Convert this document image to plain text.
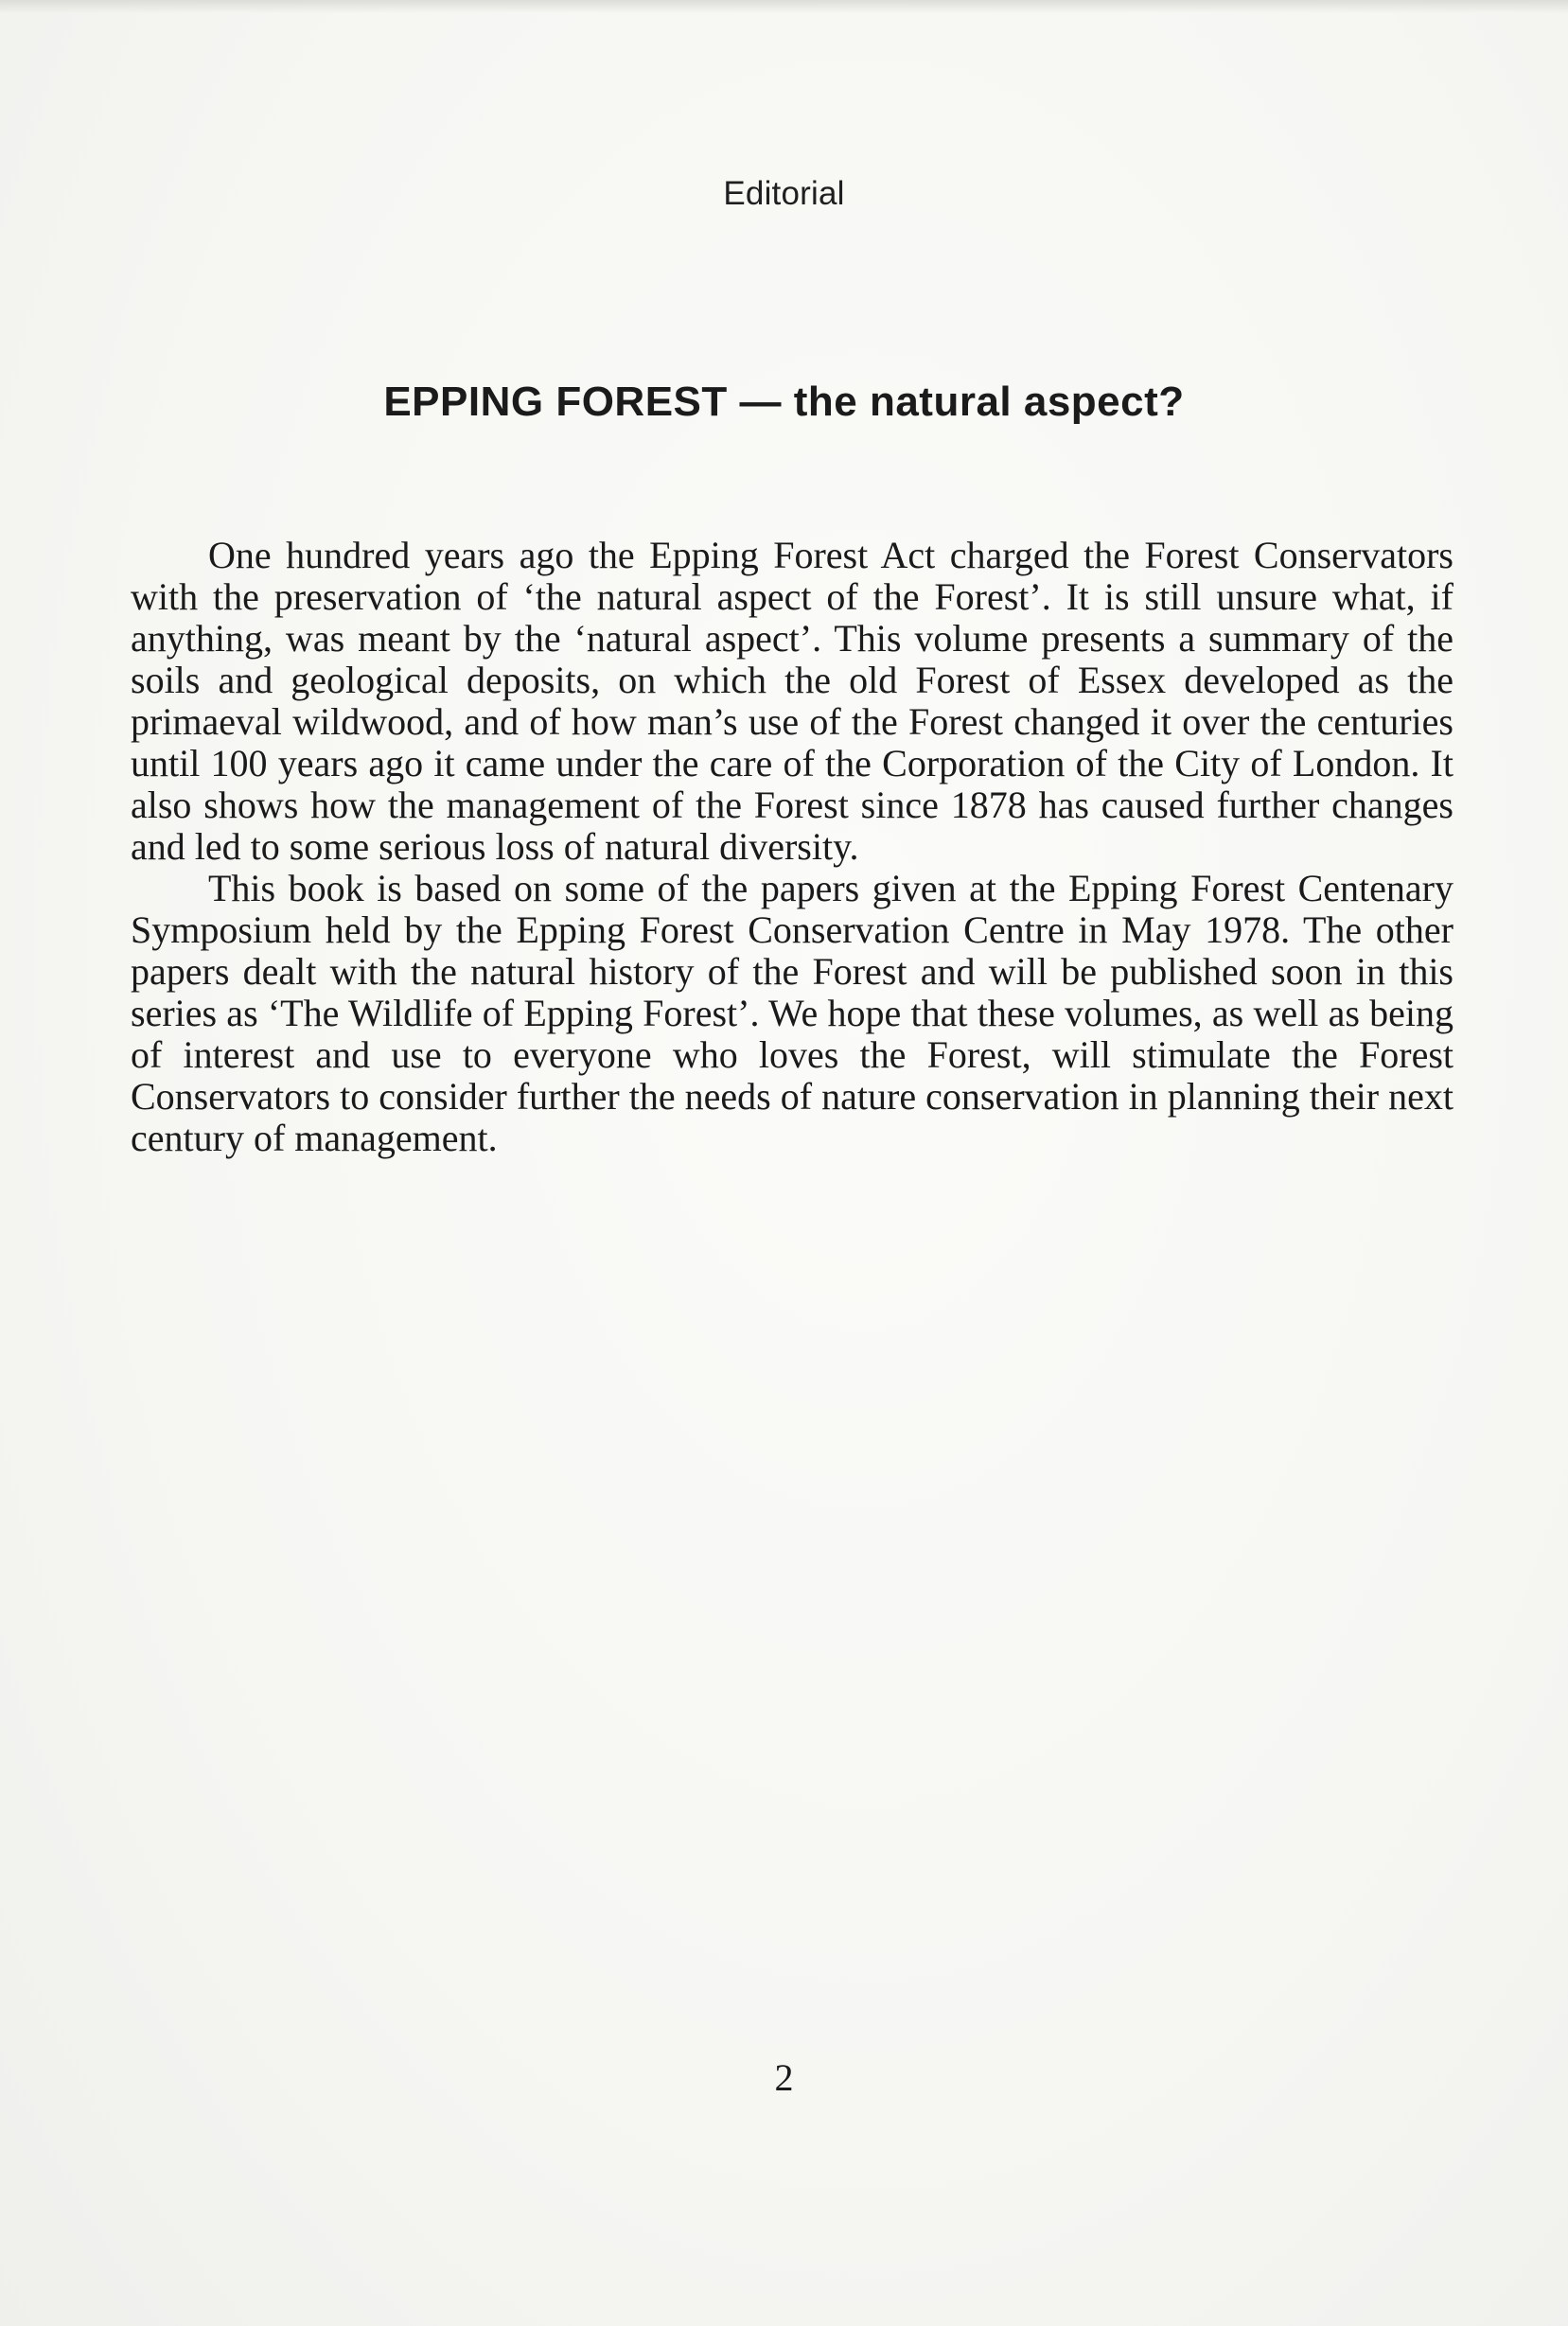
Editorial
EPPING FOREST — the natural aspect?

One hundred years ago the Epping Forest Act charged the Forest Conservators with the preservation of ‘the natural aspect of the Forest’. It is still unsure what, if anything, was meant by the ‘natural aspect’. This volume presents a summary of the soils and geological deposits, on which the old Forest of Essex developed as the primaeval wildwood, and of how man’s use of the Forest changed it over the centuries until 100 years ago it came under the care of the Corporation of the City of London. It also shows how the management of the Forest since 1878 has caused further changes and led to some serious loss of natural diversity.

This book is based on some of the papers given at the Epping Forest Centenary Symposium held by the Epping Forest Conservation Centre in May 1978. The other papers dealt with the natural history of the Forest and will be published soon in this series as ‘The Wildlife of Epping Forest’. We hope that these volumes, as well as being of interest and use to everyone who loves the Forest, will stimulate the Forest Conservators to consider further the needs of nature conservation in planning their next century of management.

2
